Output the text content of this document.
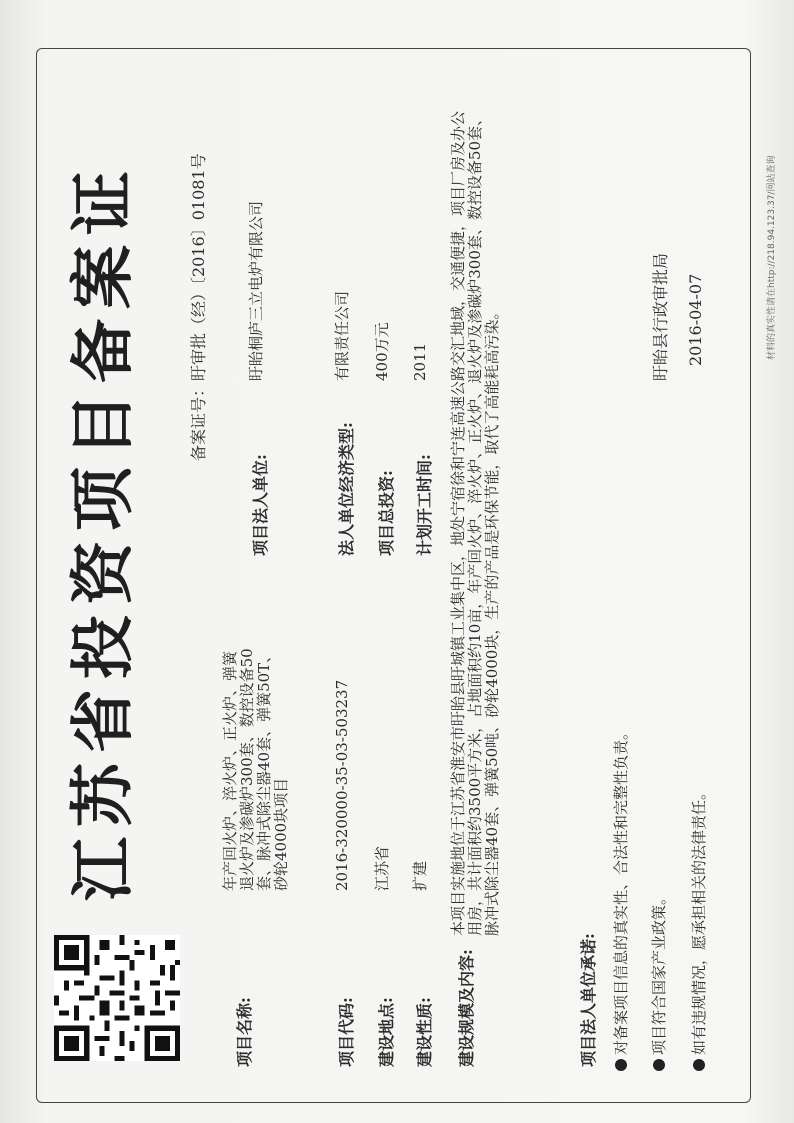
材料的真实性请在http://218.94.123.37/网站查询
江苏省投资项目备案证	备案证号：盱审批（经）〔2016〕01081号
项目名称:
年产回火炉、淬火炉、正火炉、弹簧退火炉及渗碳炉300套、数控设备50套、脉冲式除尘器40套、弹簧50T、砂轮4000块项目
项目代码:
2016-320000-35-03-503237
建设地点:
江苏省
建设性质:
扩建
项目法人单位:
盱眙桐庐三立电炉有限公司
法人单位经济类型:
有限责任公司
项目总投资:
400万元
计划开工时间:
2011
建设规模及内容:
本项目实施地位于江苏省淮安市盱眙县盱城镇工业集中区，地处宁宿徐和宁连高速公路交汇地域，交通便捷，项目厂房及办公用房，共计面积约3500平方米，占地面积约10亩，年产回火炉、淬火炉、正火炉、退火炉及渗碳炉300套、数控设备50套、脉冲式除尘器40套、弹簧50吨、砂轮4000块，生产的产品是环保节能，取代了高能耗高污染。
项目法人单位承诺: 对备案项目信息的真实性、合法性和完整性负责。 项目符合国家产业政策。 如有违规情况，愿承担相关的法律责任。
盱眙县行政审批局 2016-04-07
